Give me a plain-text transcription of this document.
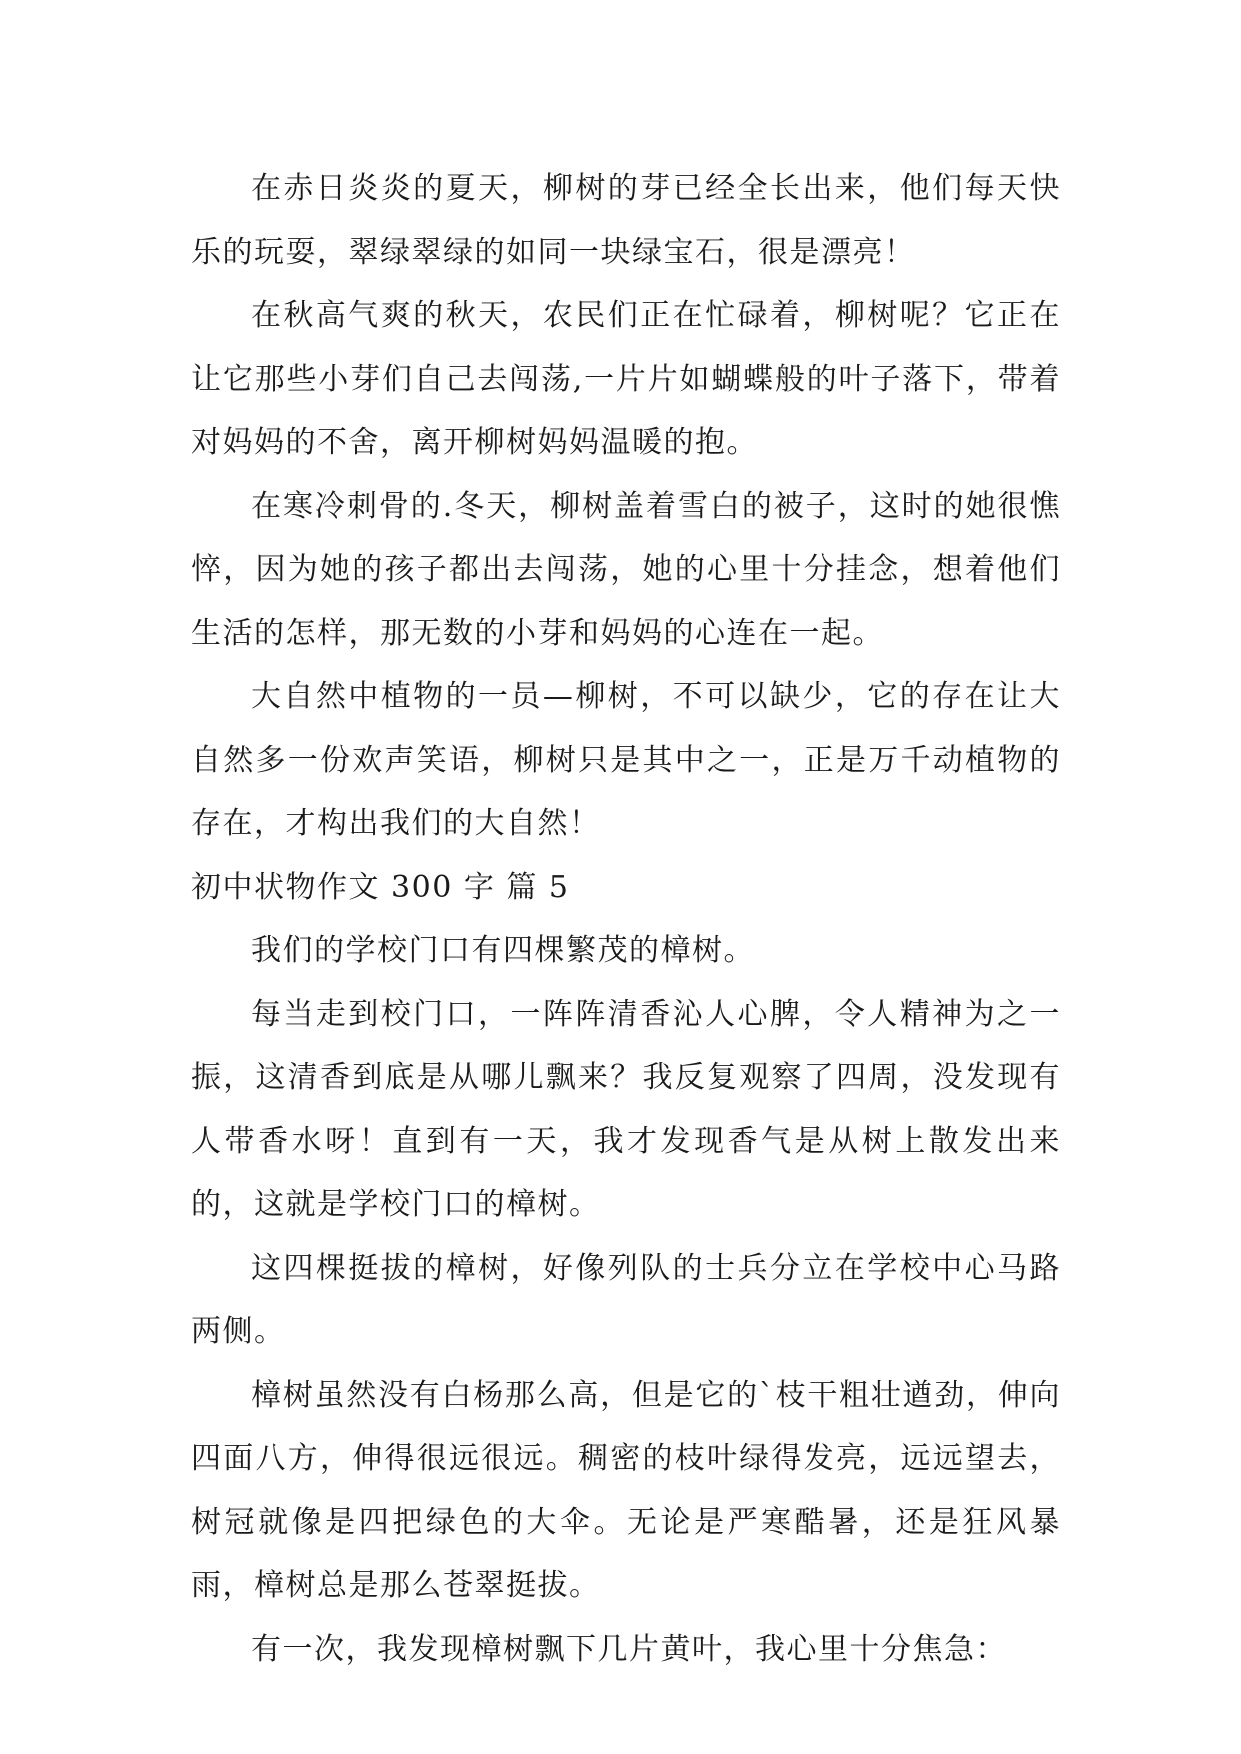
在赤日炎炎的夏天，柳树的芽已经全长出来，他们每天快乐的玩耍，翠绿翠绿的如同一块绿宝石，很是漂亮！

在秋高气爽的秋天，农民们正在忙碌着，柳树呢？它正在让它那些小芽们自己去闯荡,一片片如蝴蝶般的叶子落下，带着对妈妈的不舍，离开柳树妈妈温暖的抱。

在寒冷刺骨的.冬天，柳树盖着雪白的被子，这时的她很憔悴，因为她的孩子都出去闯荡，她的心里十分挂念，想着他们生活的怎样，那无数的小芽和妈妈的心连在一起。

大自然中植物的一员—柳树，不可以缺少，它的存在让大自然多一份欢声笑语，柳树只是其中之一，正是万千动植物的存在，才构出我们的大自然！

初中状物作文 300 字 篇 5

我们的学校门口有四棵繁茂的樟树。

每当走到校门口，一阵阵清香沁人心脾，令人精神为之一振，这清香到底是从哪儿飘来？我反复观察了四周，没发现有人带香水呀！直到有一天，我才发现香气是从树上散发出来的，这就是学校门口的樟树。

这四棵挺拔的樟树，好像列队的士兵分立在学校中心马路两侧。

樟树虽然没有白杨那么高，但是它的`枝干粗壮遒劲，伸向四面八方，伸得很远很远。稠密的枝叶绿得发亮，远远望去，树冠就像是四把绿色的大伞。无论是严寒酷暑，还是狂风暴雨，樟树总是那么苍翠挺拔。

有一次，我发现樟树飘下几片黄叶，我心里十分焦急：
